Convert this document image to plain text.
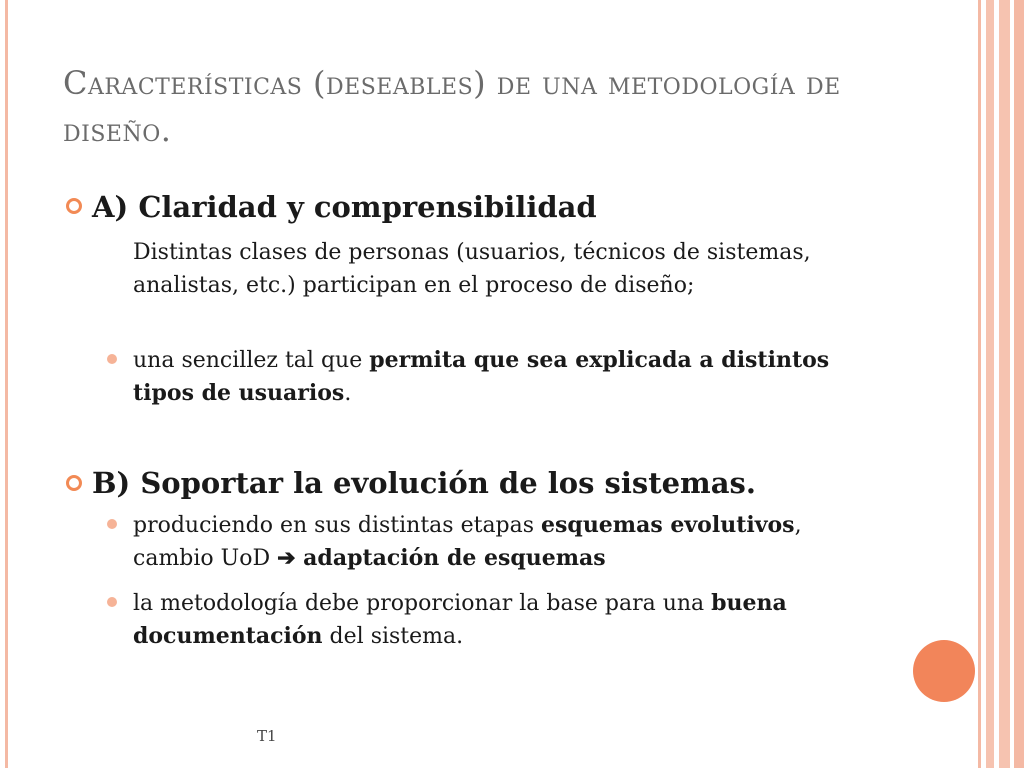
Características (deseables) de una metodología de diseño.
A) Claridad y comprensibilidad
Distintas clases de personas (usuarios, técnicos de sistemas, analistas, etc.) participan en el proceso de diseño;
una sencillez tal que permita que sea explicada a distintos tipos de usuarios.
B) Soportar la evolución de los sistemas.
produciendo en sus distintas etapas esquemas evolutivos, cambio UoD ➔ adaptación de esquemas
la metodología debe proporcionar la base para una buena documentación del sistema.
T1
